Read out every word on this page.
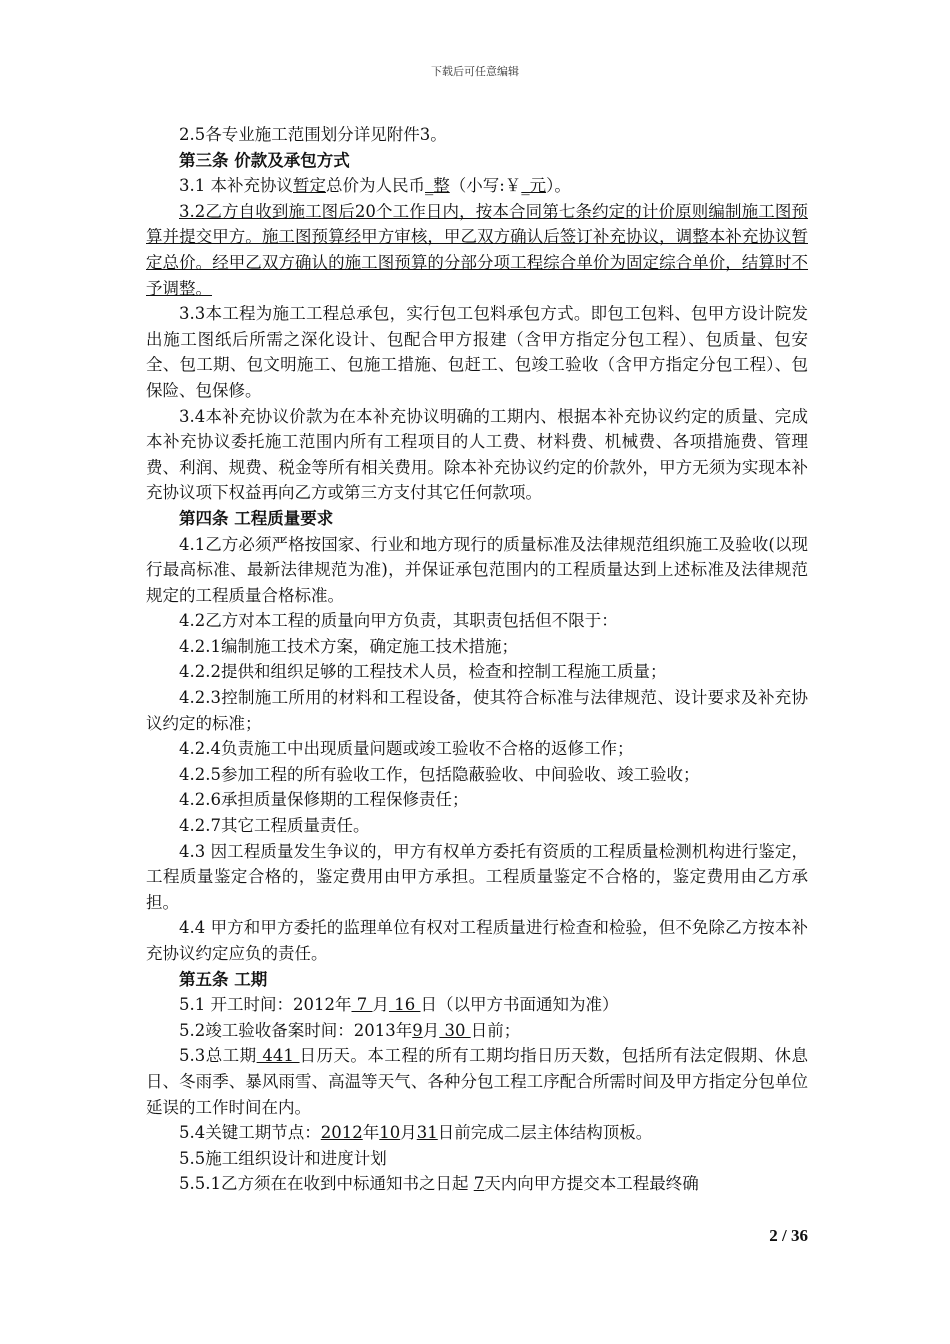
下载后可任意编辑

2.5各专业施工范围划分详见附件3。

第三条 价款及承包方式

3.1 本补充协议暂定总价为人民币_整（小写:￥_元）。

3.2乙方自收到施工图后20个工作日内，按本合同第七条约定的计价原则编制施工图预算并提交甲方。施工图预算经甲方审核，甲乙双方确认后签订补充协议，调整本补充协议暂定总价。经甲乙双方确认的施工图预算的分部分项工程综合单价为固定综合单价，结算时不予调整。

3.3本工程为施工工程总承包，实行包工包料承包方式。即包工包料、包甲方设计院发出施工图纸后所需之深化设计、包配合甲方报建（含甲方指定分包工程）、包质量、包安全、包工期、包文明施工、包施工措施、包赶工、包竣工验收（含甲方指定分包工程）、包保险、包保修。

3.4本补充协议价款为在本补充协议明确的工期内、根据本补充协议约定的质量、完成本补充协议委托施工范围内所有工程项目的人工费、材料费、机械费、各项措施费、管理费、利润、规费、税金等所有相关费用。除本补充协议约定的价款外，甲方无须为实现本补充协议项下权益再向乙方或第三方支付其它任何款项。

第四条 工程质量要求

4.1乙方必须严格按国家、行业和地方现行的质量标准及法律规范组织施工及验收(以现行最高标准、最新法律规范为准)，并保证承包范围内的工程质量达到上述标准及法律规范规定的工程质量合格标准。

4.2乙方对本工程的质量向甲方负责，其职责包括但不限于：

4.2.1编制施工技术方案，确定施工技术措施；

4.2.2提供和组织足够的工程技术人员，检查和控制工程施工质量；

4.2.3控制施工所用的材料和工程设备，使其符合标准与法律规范、设计要求及补充协议约定的标准；

4.2.4负责施工中出现质量问题或竣工验收不合格的返修工作；

4.2.5参加工程的所有验收工作，包括隐蔽验收、中间验收、竣工验收；

4.2.6承担质量保修期的工程保修责任；

4.2.7其它工程质量责任。

4.3 因工程质量发生争议的，甲方有权单方委托有资质的工程质量检测机构进行鉴定，工程质量鉴定合格的，鉴定费用由甲方承担。工程质量鉴定不合格的，鉴定费用由乙方承担。

4.4 甲方和甲方委托的监理单位有权对工程质量进行检查和检验，但不免除乙方按本补充协议约定应负的责任。

第五条 工期

5.1 开工时间：2012年 7 月 16 日（以甲方书面通知为准）

5.2竣工验收备案时间：2013年9月 30 日前；

5.3总工期 441 日历天。本工程的所有工期均指日历天数，包括所有法定假期、休息日、冬雨季、暴风雨雪、高温等天气、各种分包工程工序配合所需时间及甲方指定分包单位延误的工作时间在内。

5.4关键工期节点：2012年10月31日前完成二层主体结构顶板。

5.5施工组织设计和进度计划

5.5.1乙方须在在收到中标通知书之日起 7天内向甲方提交本工程最终确

2 / 36
